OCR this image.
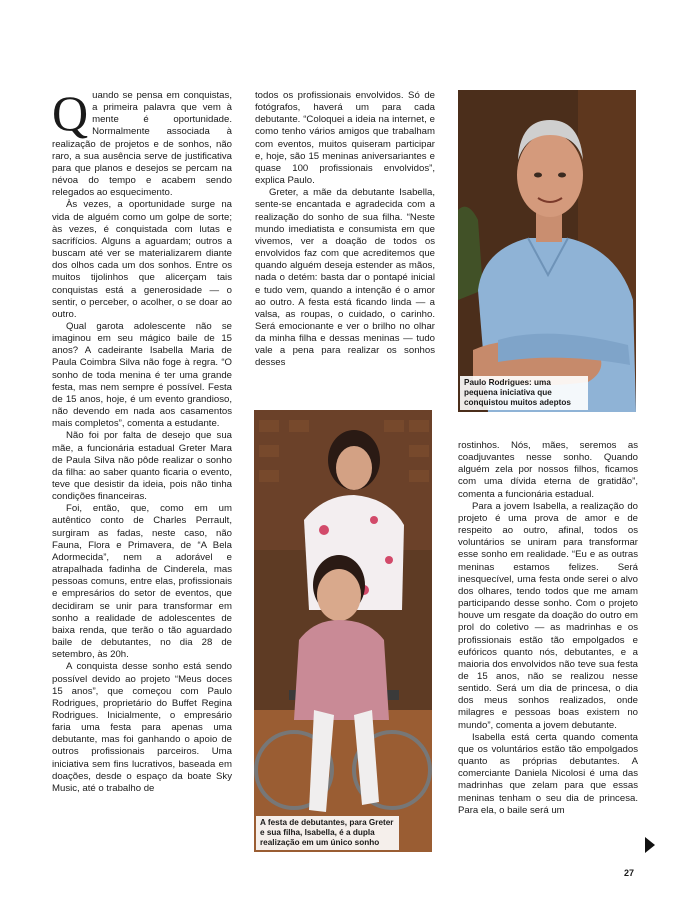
Quando se pensa em conquistas, a primeira palavra que vem à mente é oportunidade. Normalmente associada à realização de projetos e de sonhos, não raro, a sua ausência serve de justificativa para que planos e desejos se percam na névoa do tempo e acabem sendo relegados ao esquecimento.

Às vezes, a oportunidade surge na vida de alguém como um golpe de sorte; às vezes, é conquistada com lutas e sacrifícios. Alguns a aguardam; outros a buscam até ver se materializarem diante dos olhos cada um dos sonhos. Entre os muitos tijolinhos que alicerçam tais conquistas está a generosidade — o sentir, o perceber, o acolher, o se doar ao outro.

Qual garota adolescente não se imaginou em seu mágico baile de 15 anos? A cadeirante Isabella Maria de Paula Coimbra Silva não foge à regra. “O sonho de toda menina é ter uma grande festa, mas nem sempre é possível. Festa de 15 anos, hoje, é um evento grandioso, não devendo em nada aos casamentos mais completos”, comenta a estudante.

Não foi por falta de desejo que sua mãe, a funcionária estadual Greter Mara de Paula Silva não pôde realizar o sonho da filha: ao saber quanto ficaria o evento, teve que desistir da ideia, pois não tinha condições financeiras.

Foi, então, que, como em um autêntico conto de Charles Perrault, surgiram as fadas, neste caso, não Fauna, Flora e Primavera, de “A Bela Adormecida”, nem a adorável e atrapalhada fadinha de Cinderela, mas pessoas comuns, entre elas, profissionais e empresários do setor de eventos, que decidiram se unir para transformar em sonho a realidade de adolescentes de baixa renda, que terão o tão aguardado baile de debutantes, no dia 28 de setembro, às 20h.

A conquista desse sonho está sendo possível devido ao projeto “Meus doces 15 anos”, que começou com Paulo Rodrigues, proprietário do Buffet Regina Rodrigues. Inicialmente, o empresário faria uma festa para apenas uma debutante, mas foi ganhando o apoio de outros profissionais parceiros. Uma iniciativa sem fins lucrativos, baseada em doações, desde o espaço da boate Sky Music, até o trabalho de

todos os profissionais envolvidos. Só de fotógrafos, haverá um para cada debutante. “Coloquei a ideia na internet, e como tenho vários amigos que trabalham com eventos, muitos quiseram participar e, hoje, são 15 meninas aniversariantes e quase 100 profissionais envolvidos”, explica Paulo.

Greter, a mãe da debutante Isabella, sente-se encantada e agradecida com a realização do sonho de sua filha. “Neste mundo imediatista e consumista em que vivemos, ver a doação de todos os envolvidos faz com que acreditemos que quando alguém deseja estender as mãos, nada o detém: basta dar o pontapé inicial e tudo vem, quando a intenção é o amor ao outro. A festa está ficando linda — a valsa, as roupas, o cuidado, o carinho. Será emocionante e ver o brilho no olhar da minha filha e dessas meninas — tudo vale a pena para realizar os sonhos desses

Paulo Rodrigues: uma pequena iniciativa que conquistou muitos adeptos
A festa de debutantes, para Greter e sua filha, Isabella, é a dupla realização em um único sonho

rostinhos. Nós, mães, seremos as coadjuvantes nesse sonho. Quando alguém zela por nossos filhos, ficamos com uma dívida eterna de gratidão”, comenta a funcionária estadual.

Para a jovem Isabella, a realização do projeto é uma prova de amor e de respeito ao outro, afinal, todos os voluntários se uniram para transformar esse sonho em realidade. “Eu e as outras meninas estamos felizes. Será inesquecível, uma festa onde serei o alvo dos olhares, tendo todos que me amam participando desse sonho. Com o projeto houve um resgate da doação do outro em prol do coletivo — as madrinhas e os profissionais estão tão empolgados e eufóricos quanto nós, debutantes, e a maioria dos envolvidos não teve sua festa de 15 anos, não se realizou nesse sentido. Será um dia de princesa, o dia dos meus sonhos realizados, onde milagres e pessoas boas existem no mundo”, comenta a jovem debutante.

Isabella está certa quando comenta que os voluntários estão tão empolgados quanto as próprias debutantes. A comerciante Daniela Nicolosi é uma das madrinhas que zelam para que essas meninas tenham o seu dia de princesa. Para ela, o baile será um

27
